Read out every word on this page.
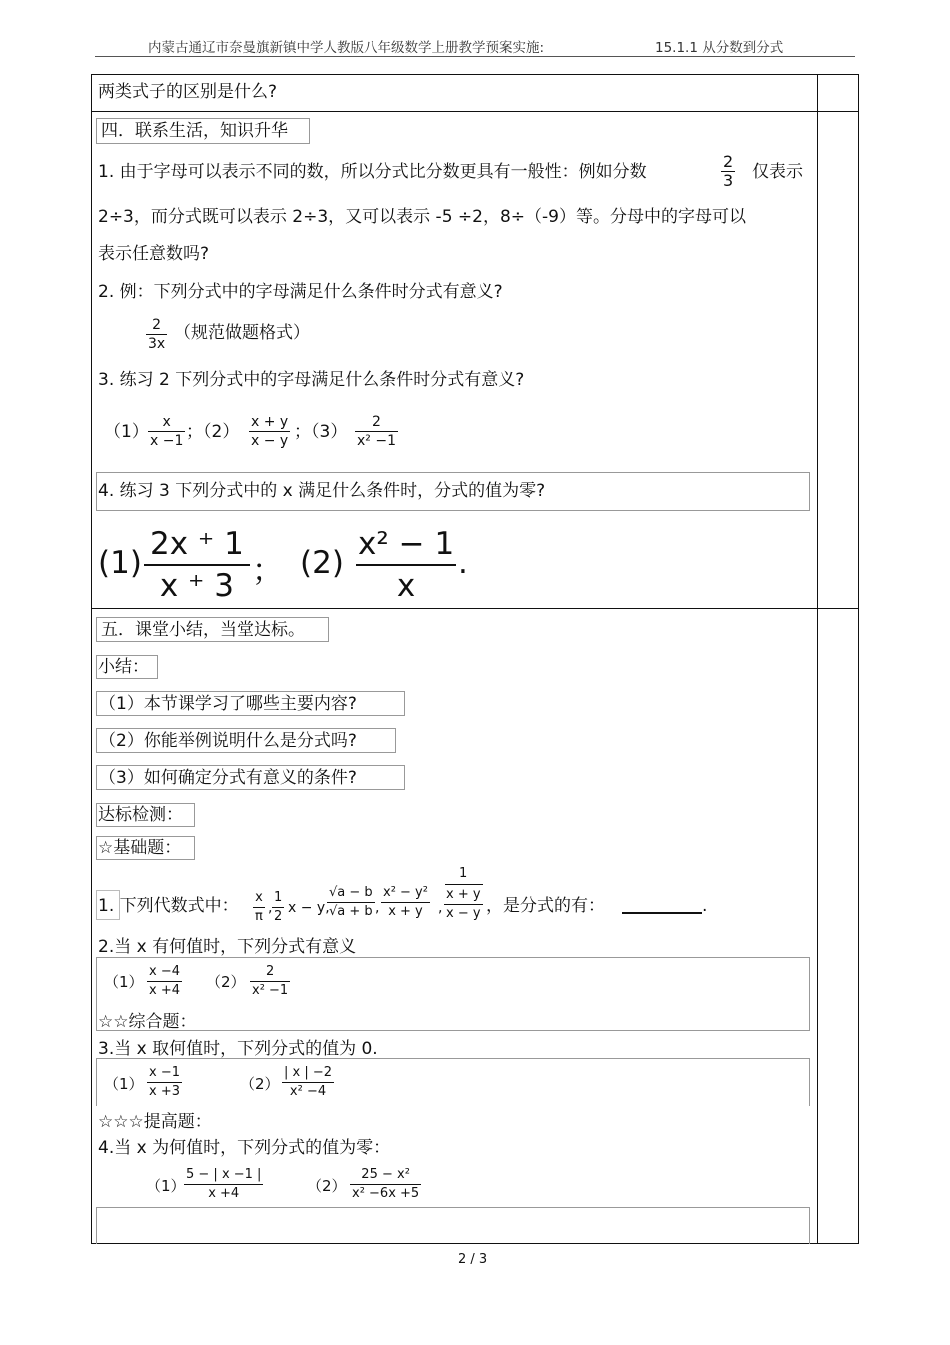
内蒙古通辽市奈曼旗新镇中学人教版八年级数学上册教学预案实施:	15.1.1 从分数到分式
两类式子的区别是什么?
四．联系生活，知识升华
1. 由于字母可以表示不同的数，所以分式比分数更具有一般性：例如分数	$\frac{2}{3}$ 仅表示
2÷3，而分式既可以表示 2÷3，又可以表示 -5 ÷2，8÷（-9）等。分母中的字母可以
表示任意数吗?
2. 例：下列分式中的字母满足什么条件时分式有意义?
$\frac{2}{3x}$ （规范做题格式）
3. 练习 2 下列分式中的字母满足什么条件时分式有意义?
$(1) \frac{x}{x -1}$ ；$(2) \frac{x + y}{x - y}$ ；$(3) \frac{2}{\text{x² −1}}$
4. 练习 3 下列分式中的 x 满足什么条件时，分式的值为零?
$(1) \frac{2x ^+ 1}{x ^+ 3}$ ； $(2) \frac{\text{x² − 1}}{x}$ .
五．课堂小结，当堂达标。
小结：
（1）本节课学习了哪些主要内容?
（2）你能举例说明什么是分式吗?
（3）如何确定分式有意义的条件?
达标检测：
☆基础题：
1. 下列代数式中： $\frac{x}{\pi}$ , $\frac{1}{2}$ x − y,
$\frac{√a - b}{√a + b}$ , $\frac{\text{x² − y²}}{x + y}$ ,
1
$\frac{x + y}{x - y}$ ，是分式的有：	.
2.当 x 有何值时，下列分式有意义
$(1) \frac{x -4}{x +4} (2) \frac{2}{\text{x² −1}}$
☆☆综合题：
3.当 x 取何值时，下列分式的值为 0.
$(1) \frac{x -1}{x +3}$	$(2) \frac{| x | -2}{\text{x² −4}}$
☆☆☆提高题：
4.当 x 为何值时，下列分式的值为零：
（1）
$\frac{5 - | x -1 |}{x +4}$	$(2) \frac{\text{25 − x²}}{\text{x² −6x +5}}$
2 / 3
